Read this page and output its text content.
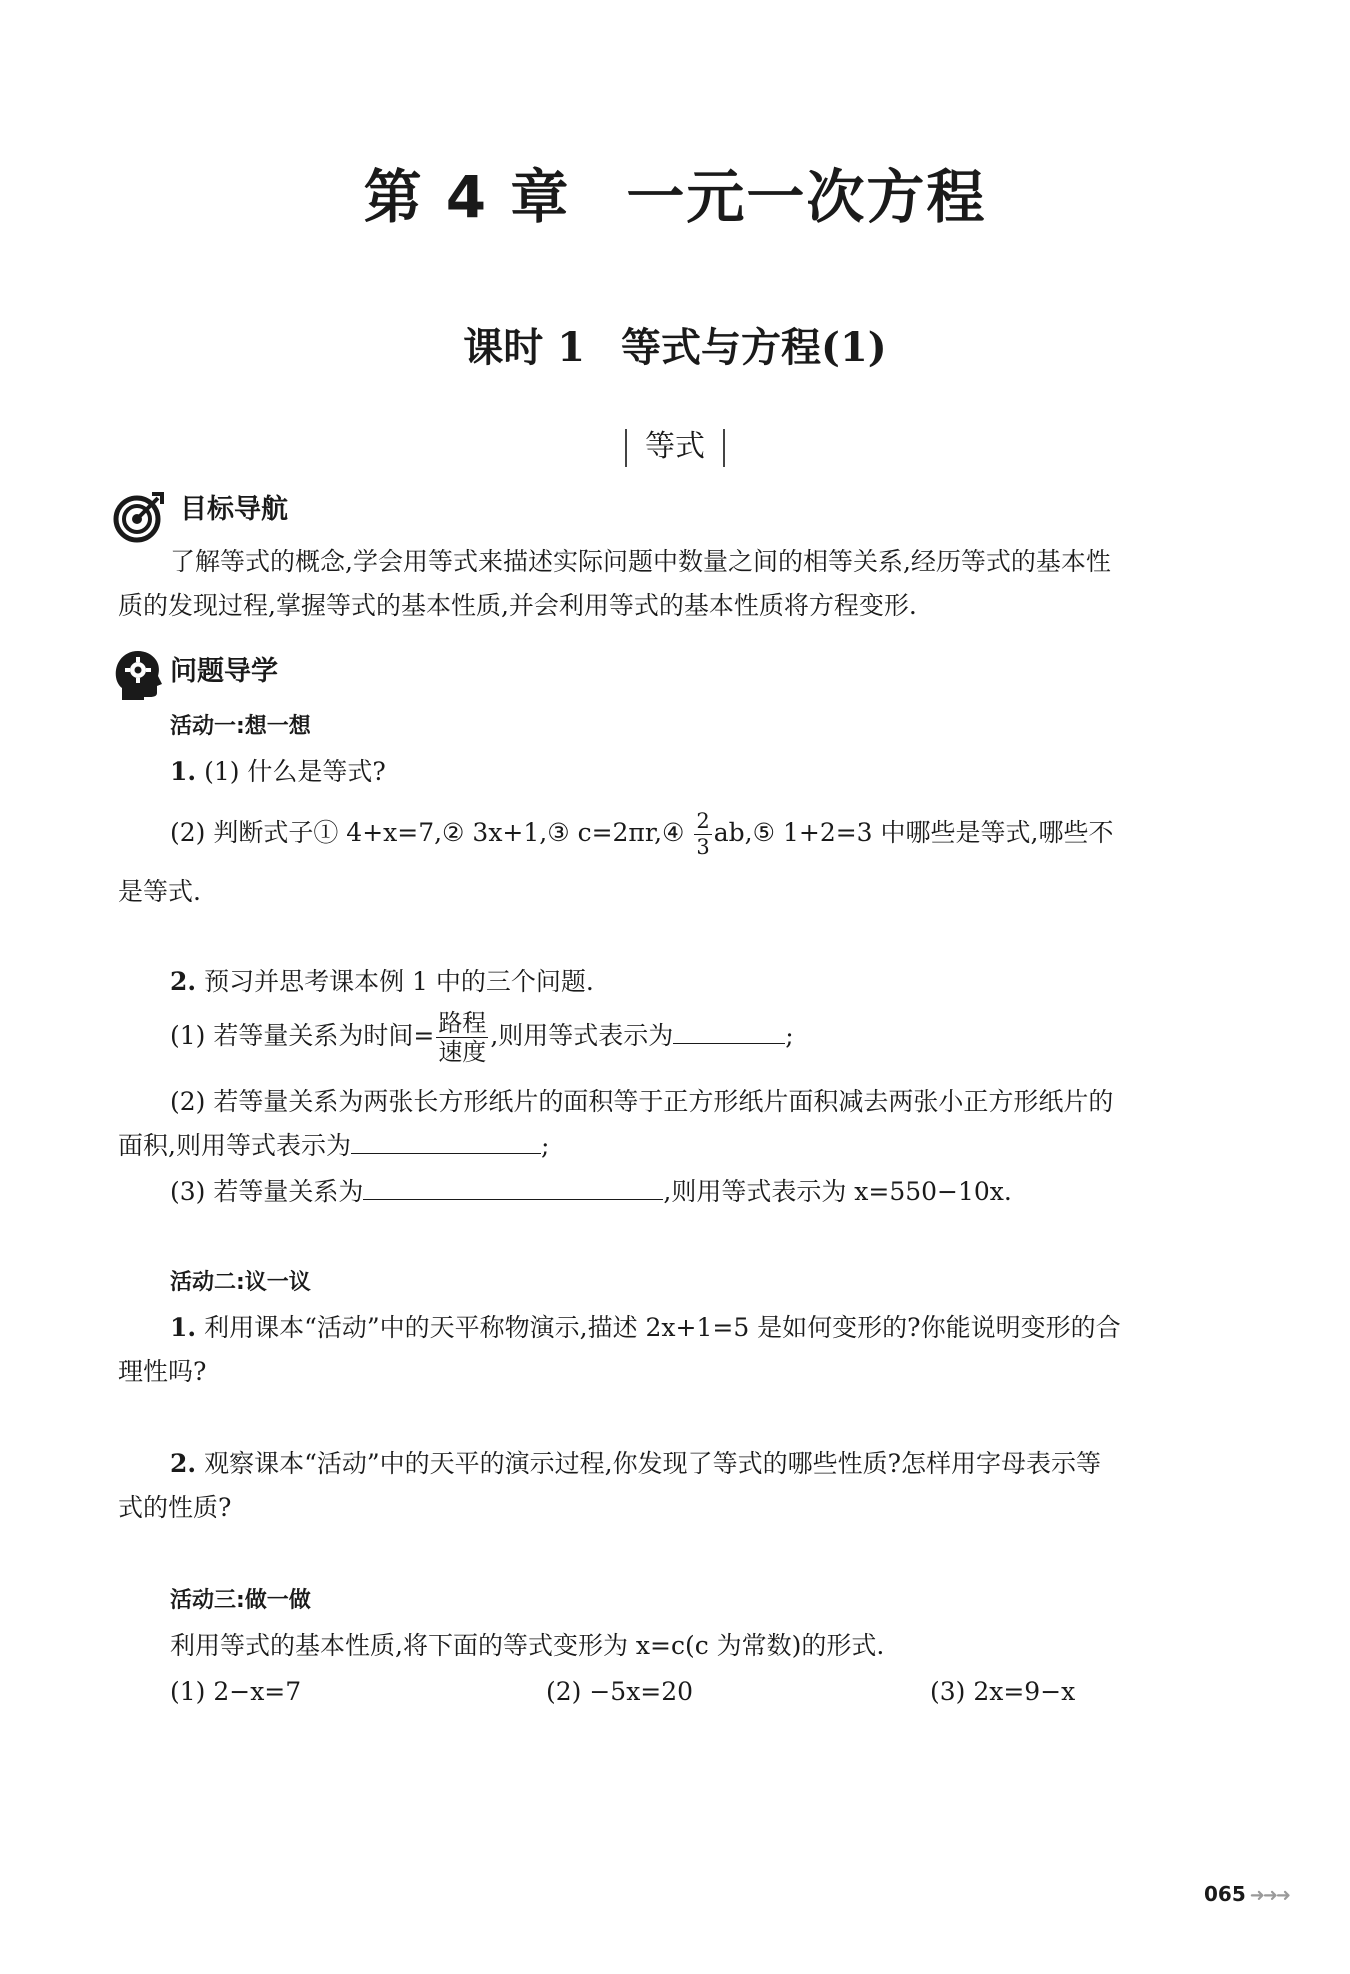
第 4 章 一元一次方程
课时 1 等式与方程(1)
等式
目标导航
了解等式的概念,学会用等式来描述实际问题中数量之间的相等关系,经历等式的基本性
质的发现过程,掌握等式的基本性质,并会利用等式的基本性质将方程变形.
问题导学
活动一:想一想
1. (1) 什么是等式?
(2) 判断式子① 4+x=7,② 3x+1,③ c=2πr,④ $\frac{2}{3}$ ab,⑤ 1+2=3 中哪些是等式,哪些不
是等式.
2. 预习并思考课本例 1 中的三个问题.
(1) 若等量关系为时间= $\frac{\text{路程}}{\text{速度}}$ ,则用等式表示为	;
(2) 若等量关系为两张长方形纸片的面积等于正方形纸片面积减去两张小正方形纸片的
面积,则用等式表示为	;
(3) 若等量关系为	,则用等式表示为 x=550−10x.
活动二:议一议
1. 利用课本“活动”中的天平称物演示,描述 2x+1=5 是如何变形的?你能说明变形的合
理性吗?
2. 观察课本“活动”中的天平的演示过程,你发现了等式的哪些性质?怎样用字母表示等
式的性质?
活动三:做一做
利用等式的基本性质,将下面的等式变形为 x=c(c 为常数)的形式.
(1) 2−x=7	(2) −5x=20	(3) 2x=9−x
065 ➜➜➜
